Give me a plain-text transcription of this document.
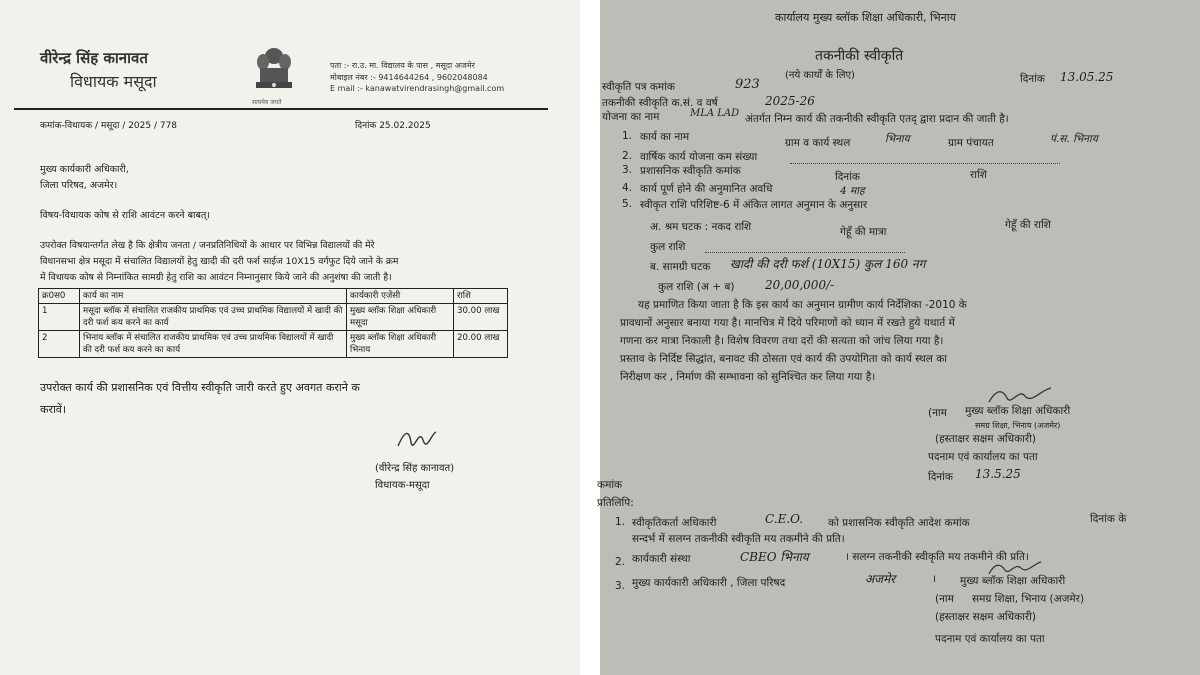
वीरेन्द्र सिंह कानावत
विधायक मसूदा
सत्यमेव जयते
पता :- रा.उ. मा. विद्यालय के पास , मसूदा अजमेर
मोबाइल नंबर :- 9414644264 , 9602048084
E mail :- kanawatvirendrasingh@gmail.com
कमांक-विधायक / मसूदा / 2025 / 778	दिनांक 25.02.2025
मुख्य कार्यकारी अधिकारी,
जिला परिषद, अजमेर।
विषय-विधायक कोष से राशि आवंटन करने बाबत्।
उपरोक्त विषयान्तर्गत लेख है कि क्षेत्रीय जनता / जनप्रतिनिधियों के आधार पर विभिन्न विद्यालयों की मेरे
विधानसभा क्षेत्र मसूदा में संचालित विद्यालयों हेतु खादी की दरी फर्श साईज 10X15 वर्गफुट दिये जाने के क्रम
में विधायक कोष से निम्नांकित सामग्री हेतु राशि का आवंटन निम्नानुसार किये जाने की अनुशंषा की जाती है।
क्र0स0	कार्य का नाम	कार्यकारी एजेंसी	राशि
1	मसूदा ब्लॉक में संचालित राजकीय प्राथमिक एवं उच्च प्राथमिक विद्यालयों में खादी की दरी फर्श कय करने का कार्य	मुख्य ब्लॉक शिक्षा अधिकारी मसूदा	30.00 लाख
2	भिनाय ब्लॉक में संचालित राजकीय प्राथमिक एवं उच्च प्राथमिक विद्यालयों में खादी की दरी फर्श कय करने का कार्य	मुख्य ब्लॉक शिक्षा अधिकारी भिनाय	20.00 लाख
उपरोक्त कार्य की प्रशासनिक एवं वित्तीय स्वीकृति जारी करते हुए अवगत कराने क
करावें।
(वीरेन्द्र सिंह कानावत)
विधायक-मसूदा
कार्यालय मुख्य ब्लॉक शिक्षा अधिकारी, भिनाय
तकनीकी स्वीकृति
(नये कार्यों के लिए)
स्वीकृति पत्र कमांक	923	दिनांक 13.05.25
तकनीकी स्वीकृति क.सं. व वर्ष	2025-26
योजना का नाम	MLA LAD अंतर्गत निम्न कार्य की तकनीकी स्वीकृति एतद् द्वारा प्रदान की जाती है।
1. कार्य का नाम	ग्राम व कार्य स्थल	भिनाय	ग्राम पंचायत	पं.स. भिनाय
2. वार्षिक कार्य योजना कम संख्या
3. प्रशासनिक स्वीकृति कमांक	दिनांक	राशि
4. कार्य पूर्ण होने की अनुमानित अवधि	4 माह
5. स्वीकृत राशि परिशिष्ट-6 में अंकित लागत अनुमान के अनुसार
अ. श्रम घटक : नकद राशि	गेहूँ की मात्रा
गेहूँ की राशि
कुल राशि
ब. सामग्री घटक खादी की दरी फर्श (10X15) कुल 160 नग
कुल राशि (अ + ब)	20,00,000/-
यह प्रमाणित किया जाता है कि इस कार्य का अनुमान ग्रामीण कार्य निर्देशिका -2010 के
प्रावधानों अनुसार बनाया गया है। मानचित्र में दिये परिमाणों को ध्यान में रखते हुये यथार्त में
गणना कर मात्रा निकाली है। विशेष विवरण तथा दरों की सत्यता को जांच लिया गया है।
प्रस्ताव के निर्दिष्ट सिद्धांत, बनावट की ठोसता एवं कार्य की उपयोगिता को कार्य स्थल का
निरीक्षण कर , निर्माण की सम्भावना को सुनिश्चित कर लिया गया है।
(नाम मुख्य ब्लॉक शिक्षा अधिकारी
समग्र शिक्षा, भिनाय (अजमेर)
(हस्ताक्षर सक्षम अधिकारी)
पदनाम एवं कार्यालय का पता
दिनांक 13.5.25
कमांक
प्रतिलिपि:
1. स्वीकृतिकर्ता अधिकारी	C.E.O. को प्रशासनिक स्वीकृति आदेश कमांक	दिनांक के
सन्दर्भ में सलग्न तकनीकी स्वीकृति मय तकमीने की प्रति।
2. कार्यकारी संस्था	CBEO भिनाय	। सलग्न तकनीकी स्वीकृति मय तकमीने की प्रति।
3. मुख्य कार्यकारी अधिकारी , जिला परिषद	अजमेर	। मुख्य ब्लॉक शिक्षा अधिकारी
(नाम समग्र शिक्षा, भिनाय (अजमेर)
(हस्ताक्षर सक्षम अधिकारी)
पदनाम एवं कार्यालय का पता
